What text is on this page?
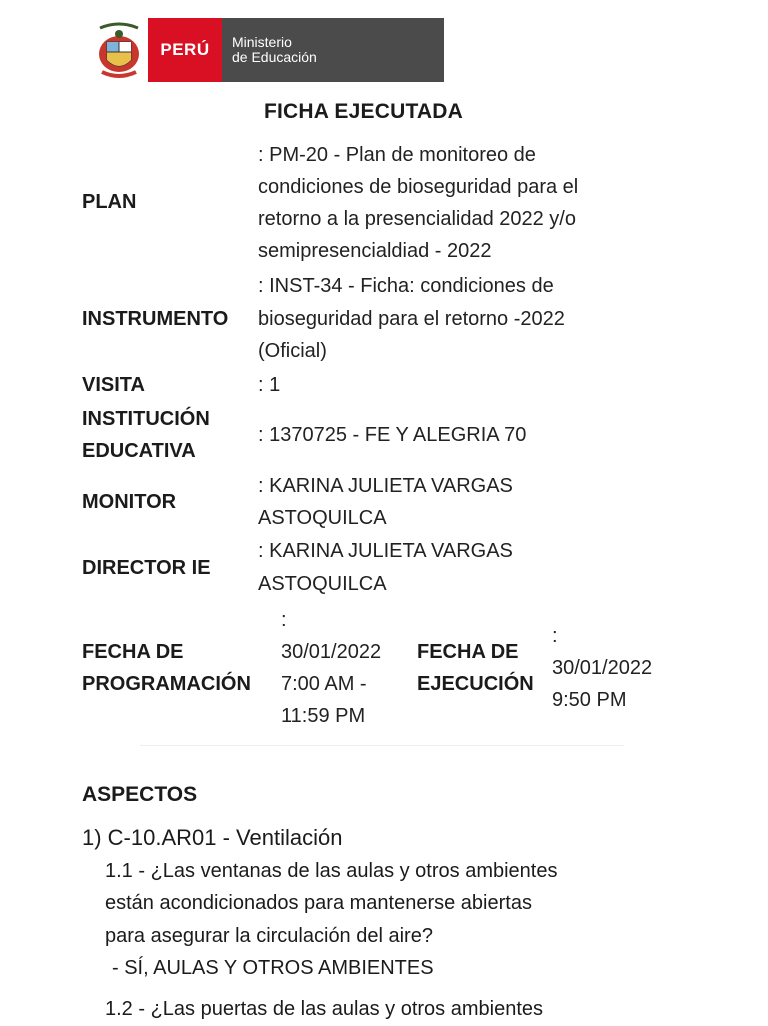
PERÚ	Ministerio
de Educación
FICHA EJECUTADA
PLAN
: PM-20 - Plan de monitoreo de
condiciones de bioseguridad para el
retorno a la presencialidad 2022 y/o
semipresencialdiad - 2022
INSTRUMENTO
: INST-34 - Ficha: condiciones de
bioseguridad para el retorno -2022
(Oficial)
VISITA	: 1
INSTITUCIÓN
EDUCATIVA
: 1370725 - FE Y ALEGRIA 70
MONITOR
: KARINA JULIETA VARGAS
ASTOQUILCA
DIRECTOR IE
: KARINA JULIETA VARGAS
ASTOQUILCA
FECHA DE
PROGRAMACIÓN
:
30/01/2022
7:00 AM -
11:59 PM
FECHA DE
EJECUCIÓN
:
30/01/2022
9:50 PM
ASPECTOS
1) C-10.AR01 - Ventilación
1.1 - ¿Las ventanas de las aulas y otros ambientes
están acondicionados para mantenerse abiertas
para asegurar la circulación del aire?
- SÍ, AULAS Y OTROS AMBIENTES
1.2 - ¿Las puertas de las aulas y otros ambientes
